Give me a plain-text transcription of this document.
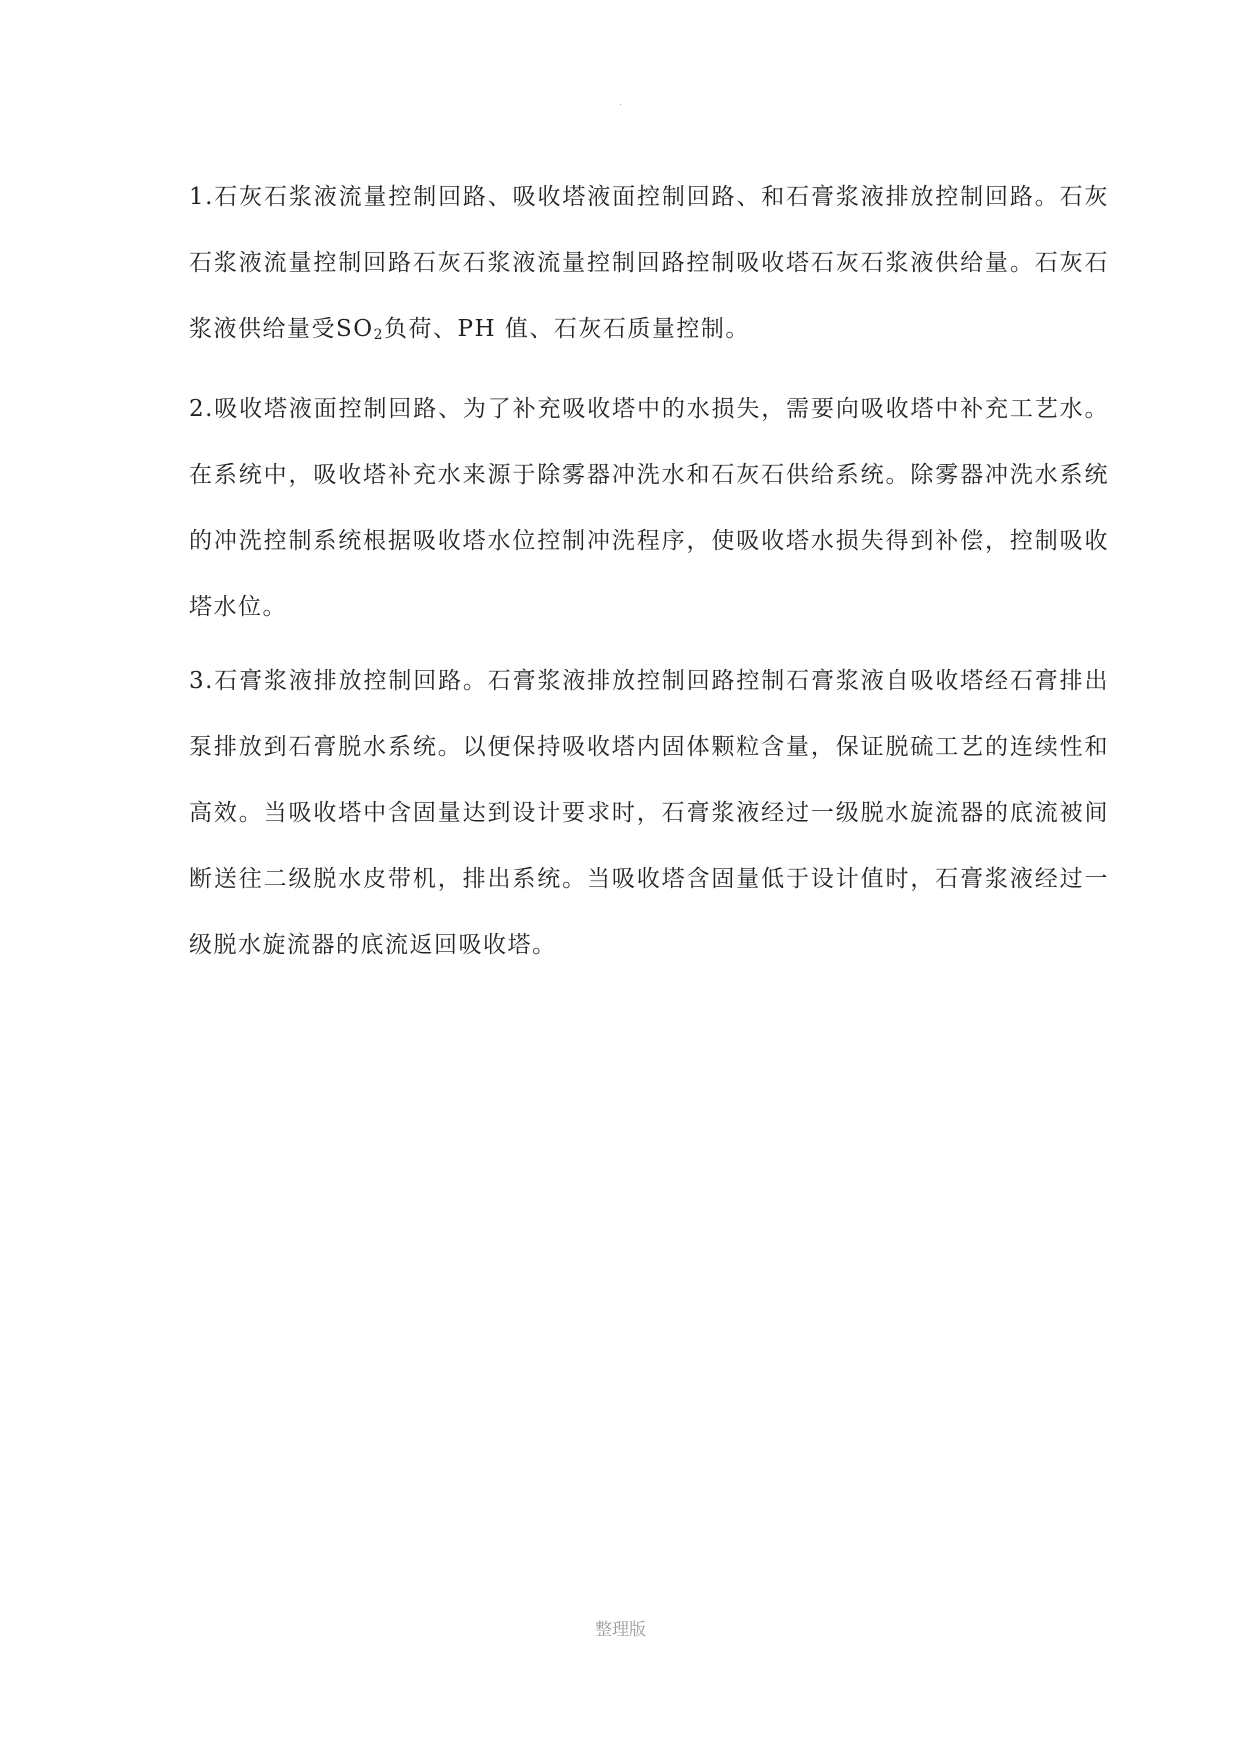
.

1.石灰石浆液流量控制回路、吸收塔液面控制回路、和石膏浆液排放控制回路。石灰石浆液流量控制回路石灰石浆液流量控制回路控制吸收塔石灰石浆液供给量。石灰石浆液供给量受$SO_2$负荷、PH 值、石灰石质量控制。

2.吸收塔液面控制回路、为了补充吸收塔中的水损失，需要向吸收塔中补充工艺水。在系统中，吸收塔补充水来源于除雾器冲洗水和石灰石供给系统。除雾器冲洗水系统的冲洗控制系统根据吸收塔水位控制冲洗程序，使吸收塔水损失得到补偿，控制吸收塔水位。

3.石膏浆液排放控制回路。石膏浆液排放控制回路控制石膏浆液自吸收塔经石膏排出泵排放到石膏脱水系统。以便保持吸收塔内固体颗粒含量，保证脱硫工艺的连续性和高效。当吸收塔中含固量达到设计要求时，石膏浆液经过一级脱水旋流器的底流被间断送往二级脱水皮带机，排出系统。当吸收塔含固量低于设计值时，石膏浆液经过一级脱水旋流器的底流返回吸收塔。

整理版
